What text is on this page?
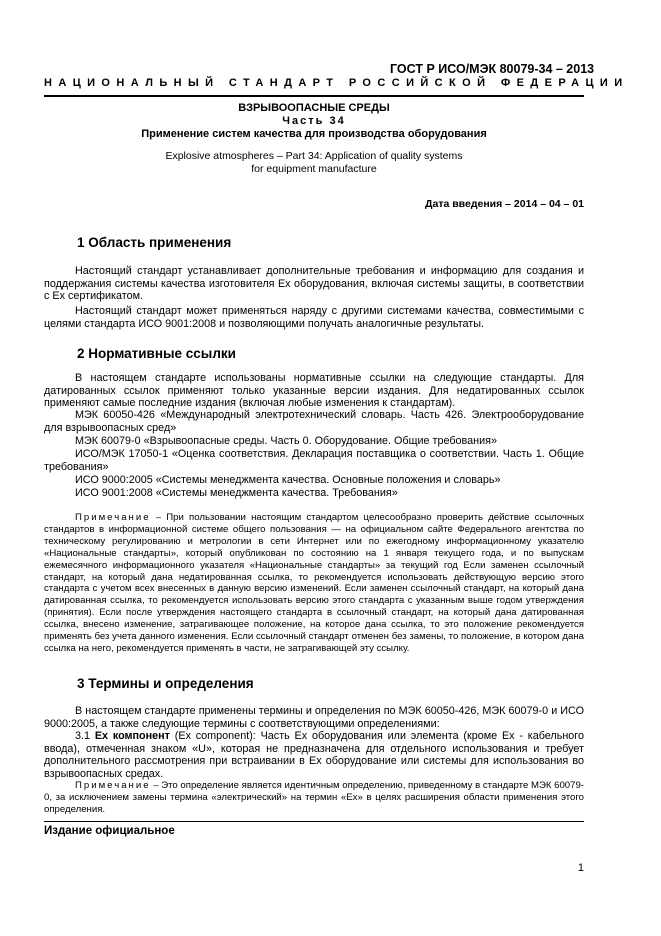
ГОСТ Р ИСО/МЭК 80079-34 – 2013
НАЦИОНАЛЬНЫЙ СТАНДАРТ РОССИЙСКОЙ ФЕДЕРАЦИИ
ВЗРЫВООПАСНЫЕ СРЕДЫ
Часть 34
Применение систем качества для производства оборудования
Explosive atmospheres – Part 34: Application of quality systems
for equipment manufacture
Дата введения – 2014 – 04 – 01
1 Область применения
Настоящий стандарт устанавливает дополнительные требования и информацию для создания и поддержания системы качества изготовителя Ex оборудования, включая системы защиты, в соответствии с Ex сертификатом.
Настоящий стандарт может применяться наряду с другими системами качества, совместимыми с целями стандарта ИСО 9001:2008 и позволяющими получать аналогичные результаты.
2 Нормативные ссылки
В настоящем стандарте использованы нормативные ссылки на следующие стандарты. Для датированных ссылок применяют только указанные версии издания. Для недатированных ссылок применяют самые последние издания (включая любые изменения к стандартам).
МЭК 60050-426 «Международный электротехнический словарь. Часть 426. Электрооборудование для взрывоопасных сред»
МЭК 60079-0 «Взрывоопасные среды. Часть 0. Оборудование. Общие требования»
ИСО/МЭК 17050-1 «Оценка соответствия. Декларация поставщика о соответствии. Часть 1. Общие требования»
ИСО 9000:2005 «Системы менеджмента качества. Основные положения и словарь»
ИСО 9001:2008 «Системы менеджмента качества. Требования»
Примечание – При пользовании настоящим стандартом целесообразно проверить действие ссылочных стандартов в информационной системе общего пользования — на официальном сайте Федерального агентства по техническому регулированию и метрологии в сети Интернет или по ежегодному информационному указателю «Национальные стандарты», который опубликован по состоянию на 1 января текущего года, и по выпускам ежемесячного информационного указателя «Национальные стандарты» за текущий год Если заменен ссылочный стандарт, на который дана недатированная ссылка, то рекомендуется использовать действующую версию этого стандарта с учетом всех внесенных в данную версию изменений. Если заменен ссылочный стандарт, на который дана датированная ссылка, то рекомендуется использовать версию этого стандарта с указанным выше годом утверждения (принятия). Если после утверждения настоящего стандарта в ссылочный стандарт, на который дана датированная ссылка, внесено изменение, затрагивающее положение, на которое дана ссылка, то это положение рекомендуется применять без учета данного изменения. Если ссылочный стандарт отменен без замены, то положение, в котором дана ссылка на него, рекомендуется применять в части, не затрагивающей эту ссылку.
3 Термины и определения
В настоящем стандарте применены термины и определения по МЭК 60050-426, МЭК 60079-0 и ИСО 9000:2005, а также следующие термины с соответствующими определениями:
3.1 Ex компонент (Ex component): Часть Ex оборудования или элемента (кроме Ex - кабельного ввода), отмеченная знаком «U», которая не предназначена для отдельного использования и требует дополнительного рассмотрения при встраивании в Ex оборудование или системы для использования во взрывоопасных средах.
Примечание – Это определение является идентичным определению, приведенному в стандарте МЭК 60079-0, за исключением замены термина «электрический» на термин «Ex» в целях расширения области применения этого определения.
Издание официальное
1
